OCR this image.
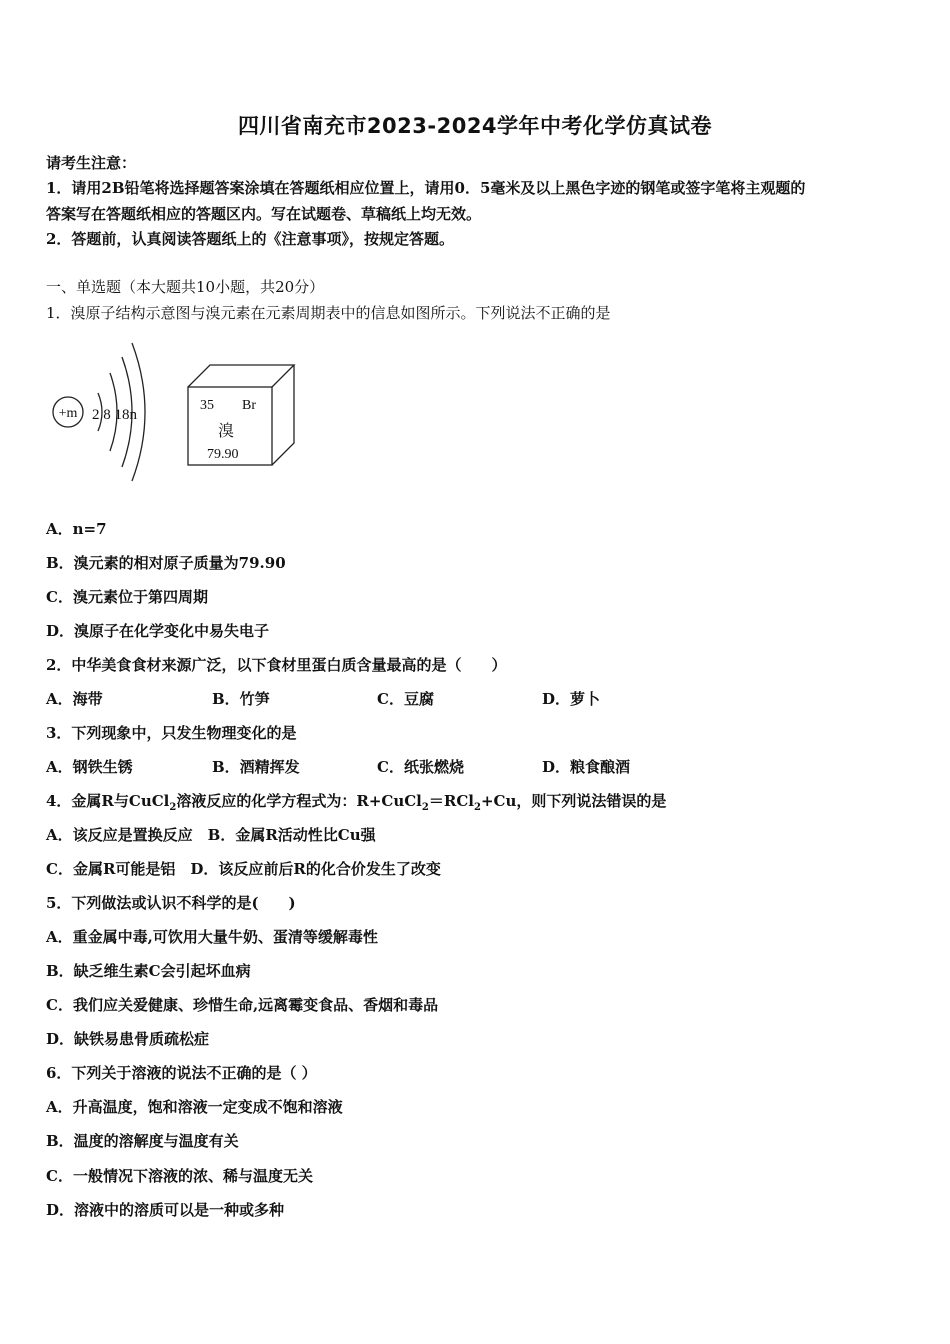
四川省南充市2023-2024学年中考化学仿真试卷
请考生注意：
1．请用2B铅笔将选择题答案涂填在答题纸相应位置上，请用0．5毫米及以上黑色字迹的钢笔或签字笔将主观题的
答案写在答题纸相应的答题区内。写在试题卷、草稿纸上均无效。
2．答题前，认真阅读答题纸上的《注意事项》，按规定答题。
一、单选题（本大题共10小题，共20分）
1．溴原子结构示意图与溴元素在元素周期表中的信息如图所示。下列说法不正确的是
+m 2 8 18n
35 Br
溴
79.90
A．n=7
B．溴元素的相对原子质量为79.90
C．溴元素位于第四周期
D．溴原子在化学变化中易失电子
2．中华美食食材来源广泛，以下食材里蛋白质含量最高的是（　　）
A．海带	B．竹笋	C．豆腐	D．萝卜
3．下列现象中，只发生物理变化的是
A．钢铁生锈	B．酒精挥发	C．纸张燃烧	D．粮食酿酒
4．金属R与CuCl$_2$溶液反应的化学方程式为：R+CuCl$_2$＝RCl$_2$+Cu，则下列说法错误的是
A．该反应是置换反应　B．金属R活动性比Cu强
C．金属R可能是铝　D．该反应前后R的化合价发生了改变
5．下列做法或认识不科学的是(　　)
A．重金属中毒,可饮用大量牛奶、蛋清等缓解毒性
B．缺乏维生素C会引起坏血病
C．我们应关爱健康、珍惜生命,远离霉变食品、香烟和毒品
D．缺铁易患骨质疏松症
6．下列关于溶液的说法不正确的是（ ）
A．升高温度，饱和溶液一定变成不饱和溶液
B．温度的溶解度与温度有关
C．一般情况下溶液的浓、稀与温度无关
D．溶液中的溶质可以是一种或多种
